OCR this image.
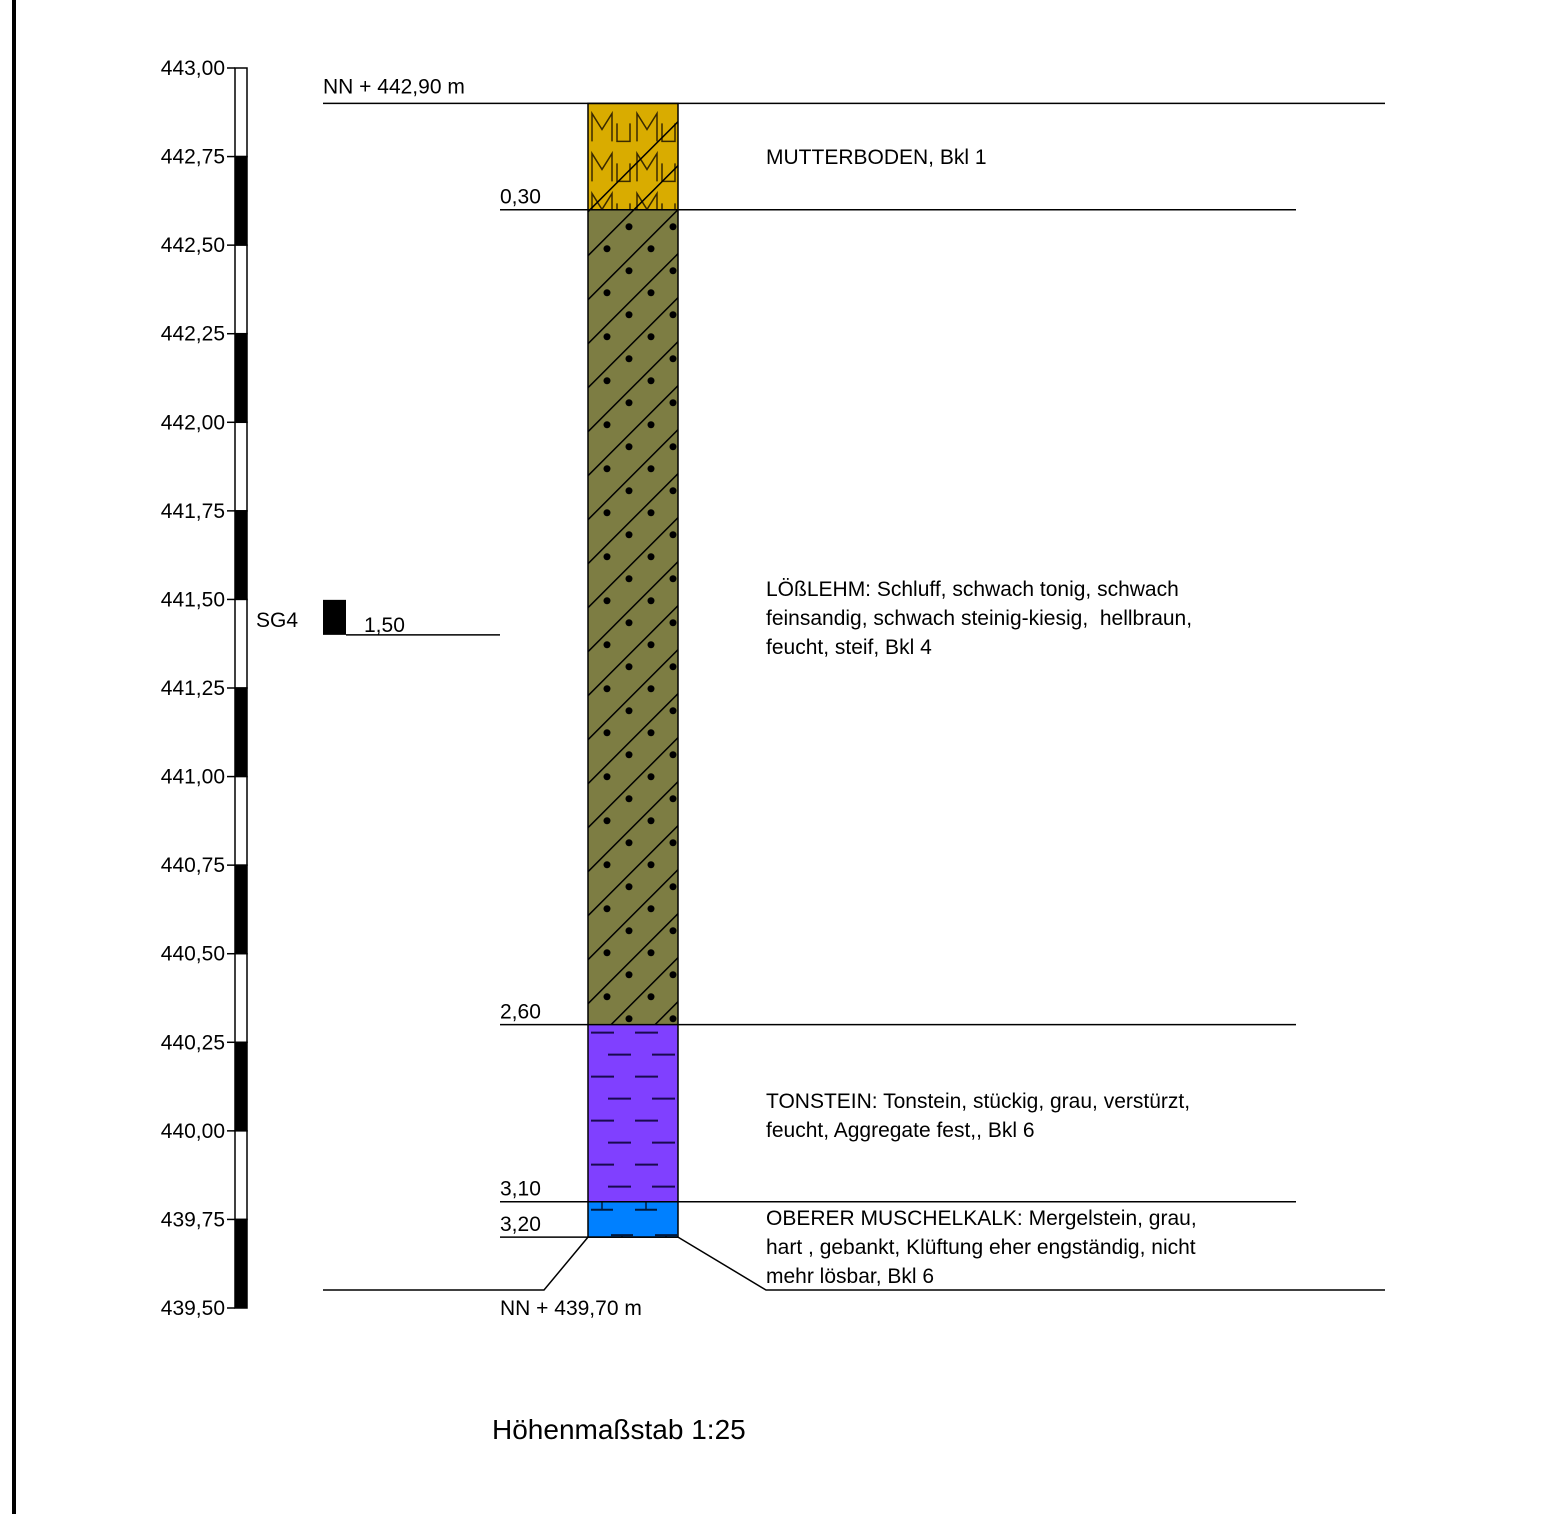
443,00
442,75
442,50
442,25
442,00
441,75
441,50
441,25
441,00
440,75
440,50
440,25
440,00
439,75
439,50
NN + 442,90 m
NN + 439,70 m
SG4	1,50
0,30
2,60
3,10
3,20
MUTTERBODEN, Bkl 1
LÖßLEHM: Schluff, schwach tonig, schwach
feinsandig, schwach steinig-kiesig,  hellbraun,
feucht, steif, Bkl 4
TONSTEIN: Tonstein, stückig, grau, verstürzt,
feucht, Aggregate fest,, Bkl 6
OBERER MUSCHELKALK: Mergelstein, grau,
hart , gebankt, Klüftung eher engständig, nicht
mehr lösbar, Bkl 6
Höhenmaßstab 1:25
